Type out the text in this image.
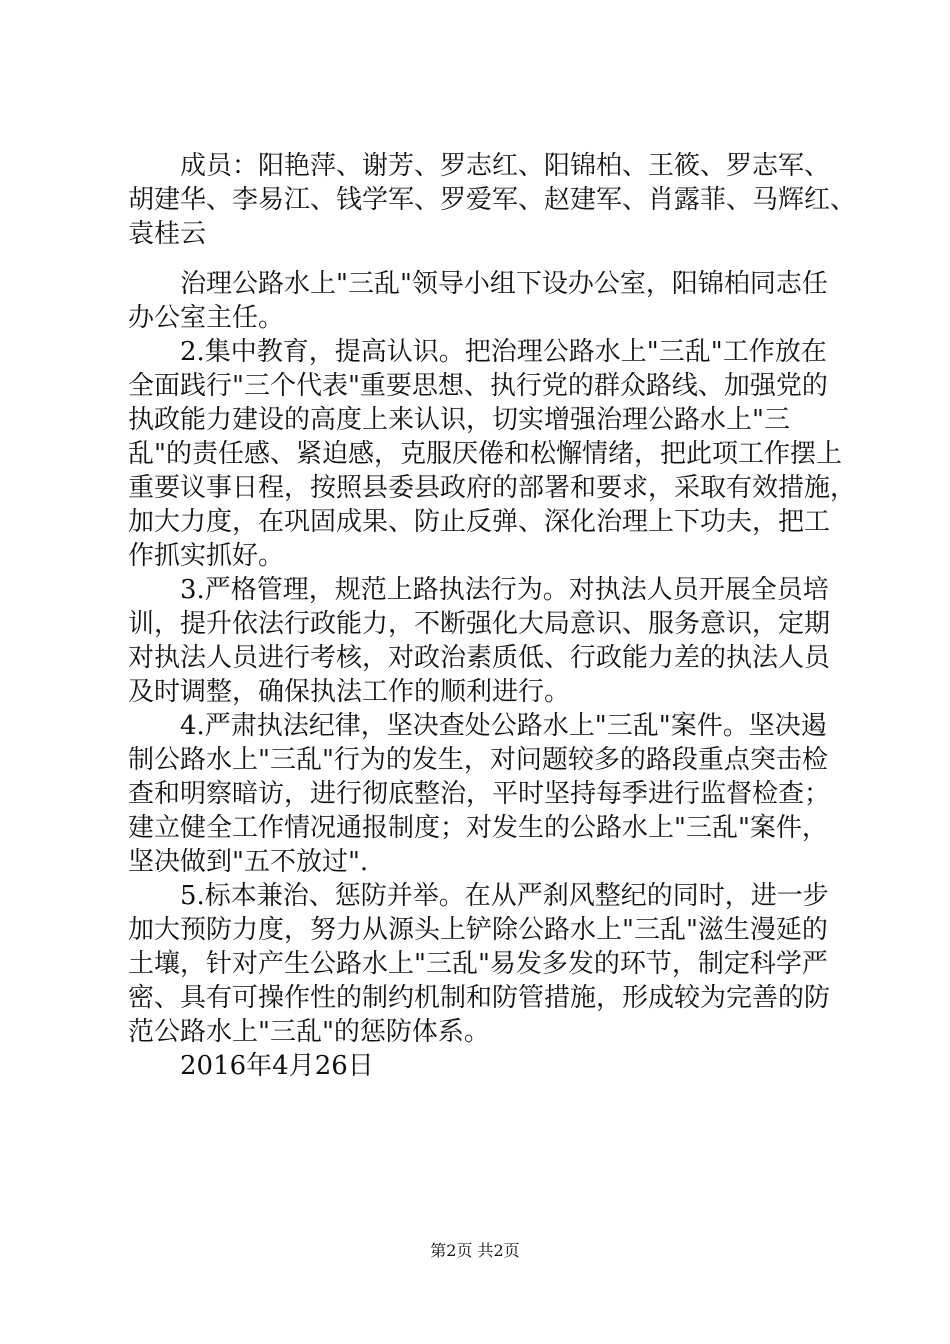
成员：阳艳萍、谢芳、罗志红、阳锦柏、王筱、罗志军、
胡建华、李易江、钱学军、罗爱军、赵建军、肖露菲、马辉红、
袁桂云
治理公路水上"三乱"领导小组下设办公室，阳锦柏同志任
办公室主任。
2.集中教育，提高认识。把治理公路水上"三乱"工作放在
全面践行"三个代表"重要思想、执行党的群众路线、加强党的
执政能力建设的高度上来认识，切实增强治理公路水上"三
乱"的责任感、紧迫感，克服厌倦和松懈情绪，把此项工作摆上
重要议事日程，按照县委县政府的部署和要求，采取有效措施，
加大力度，在巩固成果、防止反弹、深化治理上下功夫，把工
作抓实抓好。
3.严格管理，规范上路执法行为。对执法人员开展全员培
训，提升依法行政能力，不断强化大局意识、服务意识，定期
对执法人员进行考核，对政治素质低、行政能力差的执法人员
及时调整，确保执法工作的顺利进行。
4.严肃执法纪律，坚决查处公路水上"三乱"案件。坚决遏
制公路水上"三乱"行为的发生，对问题较多的路段重点突击检
查和明察暗访，进行彻底整治，平时坚持每季进行监督检查；
建立健全工作情况通报制度；对发生的公路水上"三乱"案件，
坚决做到"五不放过".
5.标本兼治、惩防并举。在从严刹风整纪的同时，进一步
加大预防力度，努力从源头上铲除公路水上"三乱"滋生漫延的
土壤，针对产生公路水上"三乱"易发多发的环节，制定科学严
密、具有可操作性的制约机制和防管措施，形成较为完善的防
范公路水上"三乱"的惩防体系。
2016年4月26日
第2页 共2页
